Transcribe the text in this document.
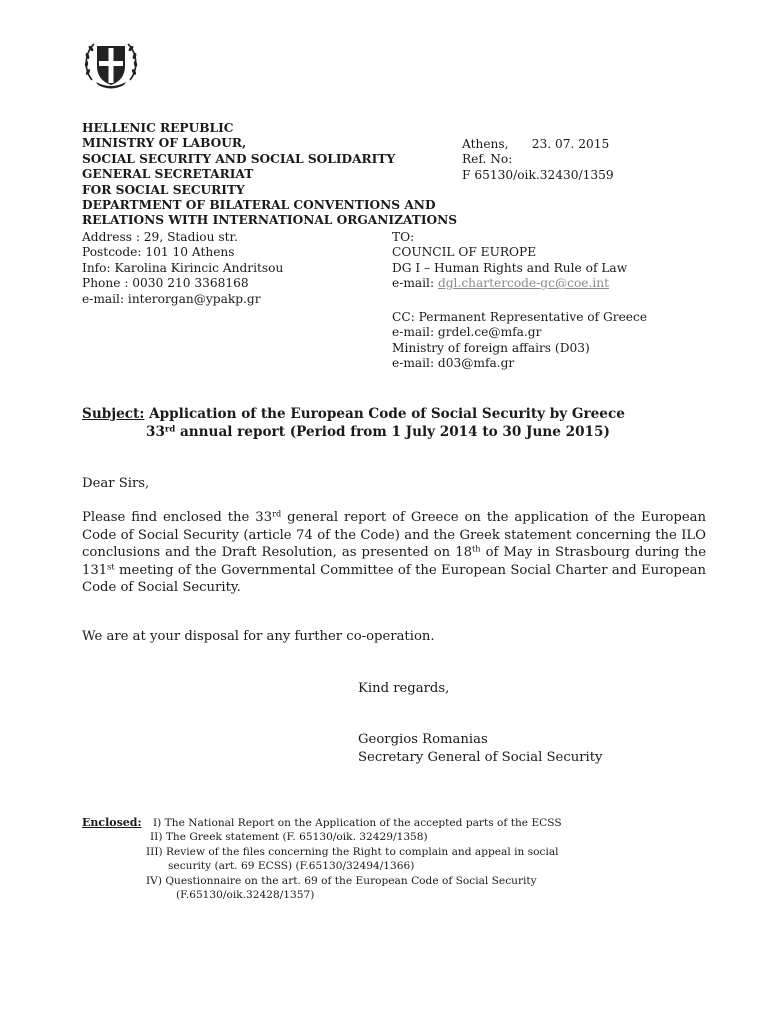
HELLENIC REPUBLIC
MINISTRY OF LABOUR,
SOCIAL SECURITY AND SOCIAL SOLIDARITY
GENERAL SECRETARIAT
FOR SOCIAL SECURITY
DEPARTMENT OF BILATERAL CONVENTIONS AND
RELATIONS WITH INTERNATIONAL ORGANIZATIONS
Address : 29, Stadiou str.
Postcode: 101 10 Athens
Info: Karolina Kirincic Andritsou
Phone : 0030 210 3368168
e-mail: interorgan@ypakp.gr
Athens,      23. 07. 2015
Ref. No:
F 65130/oik.32430/1359
TO:
COUNCIL OF EUROPE
DG I – Human Rights and Rule of Law
e-mail: dgl.chartercode-gc@coe.int
CC: Permanent Representative of Greece
e-mail: grdel.ce@mfa.gr
Ministry of foreign affairs (D03)
e-mail: d03@mfa.gr
Subject: Application of the European Code of Social Security by Greece
33rd annual report (Period from 1 July 2014 to 30 June 2015)
Dear Sirs,
Please find enclosed the 33rd general report of Greece on the application of the European Code of Social Security (article 74 of the Code) and the Greek statement concerning the ILO conclusions and the Draft Resolution, as presented on 18th of May in Strasbourg during the 131st meeting of the Governmental Committee of the European Social Charter and European Code of Social Security.
We are at your disposal for any further co-operation.
Kind regards,
Georgios Romanias
Secretary General of Social Security
Enclosed: I) The National Report on the Application of the accepted parts of the ECSS
II) The Greek statement (F. 65130/oik. 32429/1358)
III) Review of the files concerning the Right to complain and appeal in social
security (art. 69 ECSS) (F.65130/32494/1366)
IV) Questionnaire on the art. 69 of the European Code of Social Security
(F.65130/oik.32428/1357)
